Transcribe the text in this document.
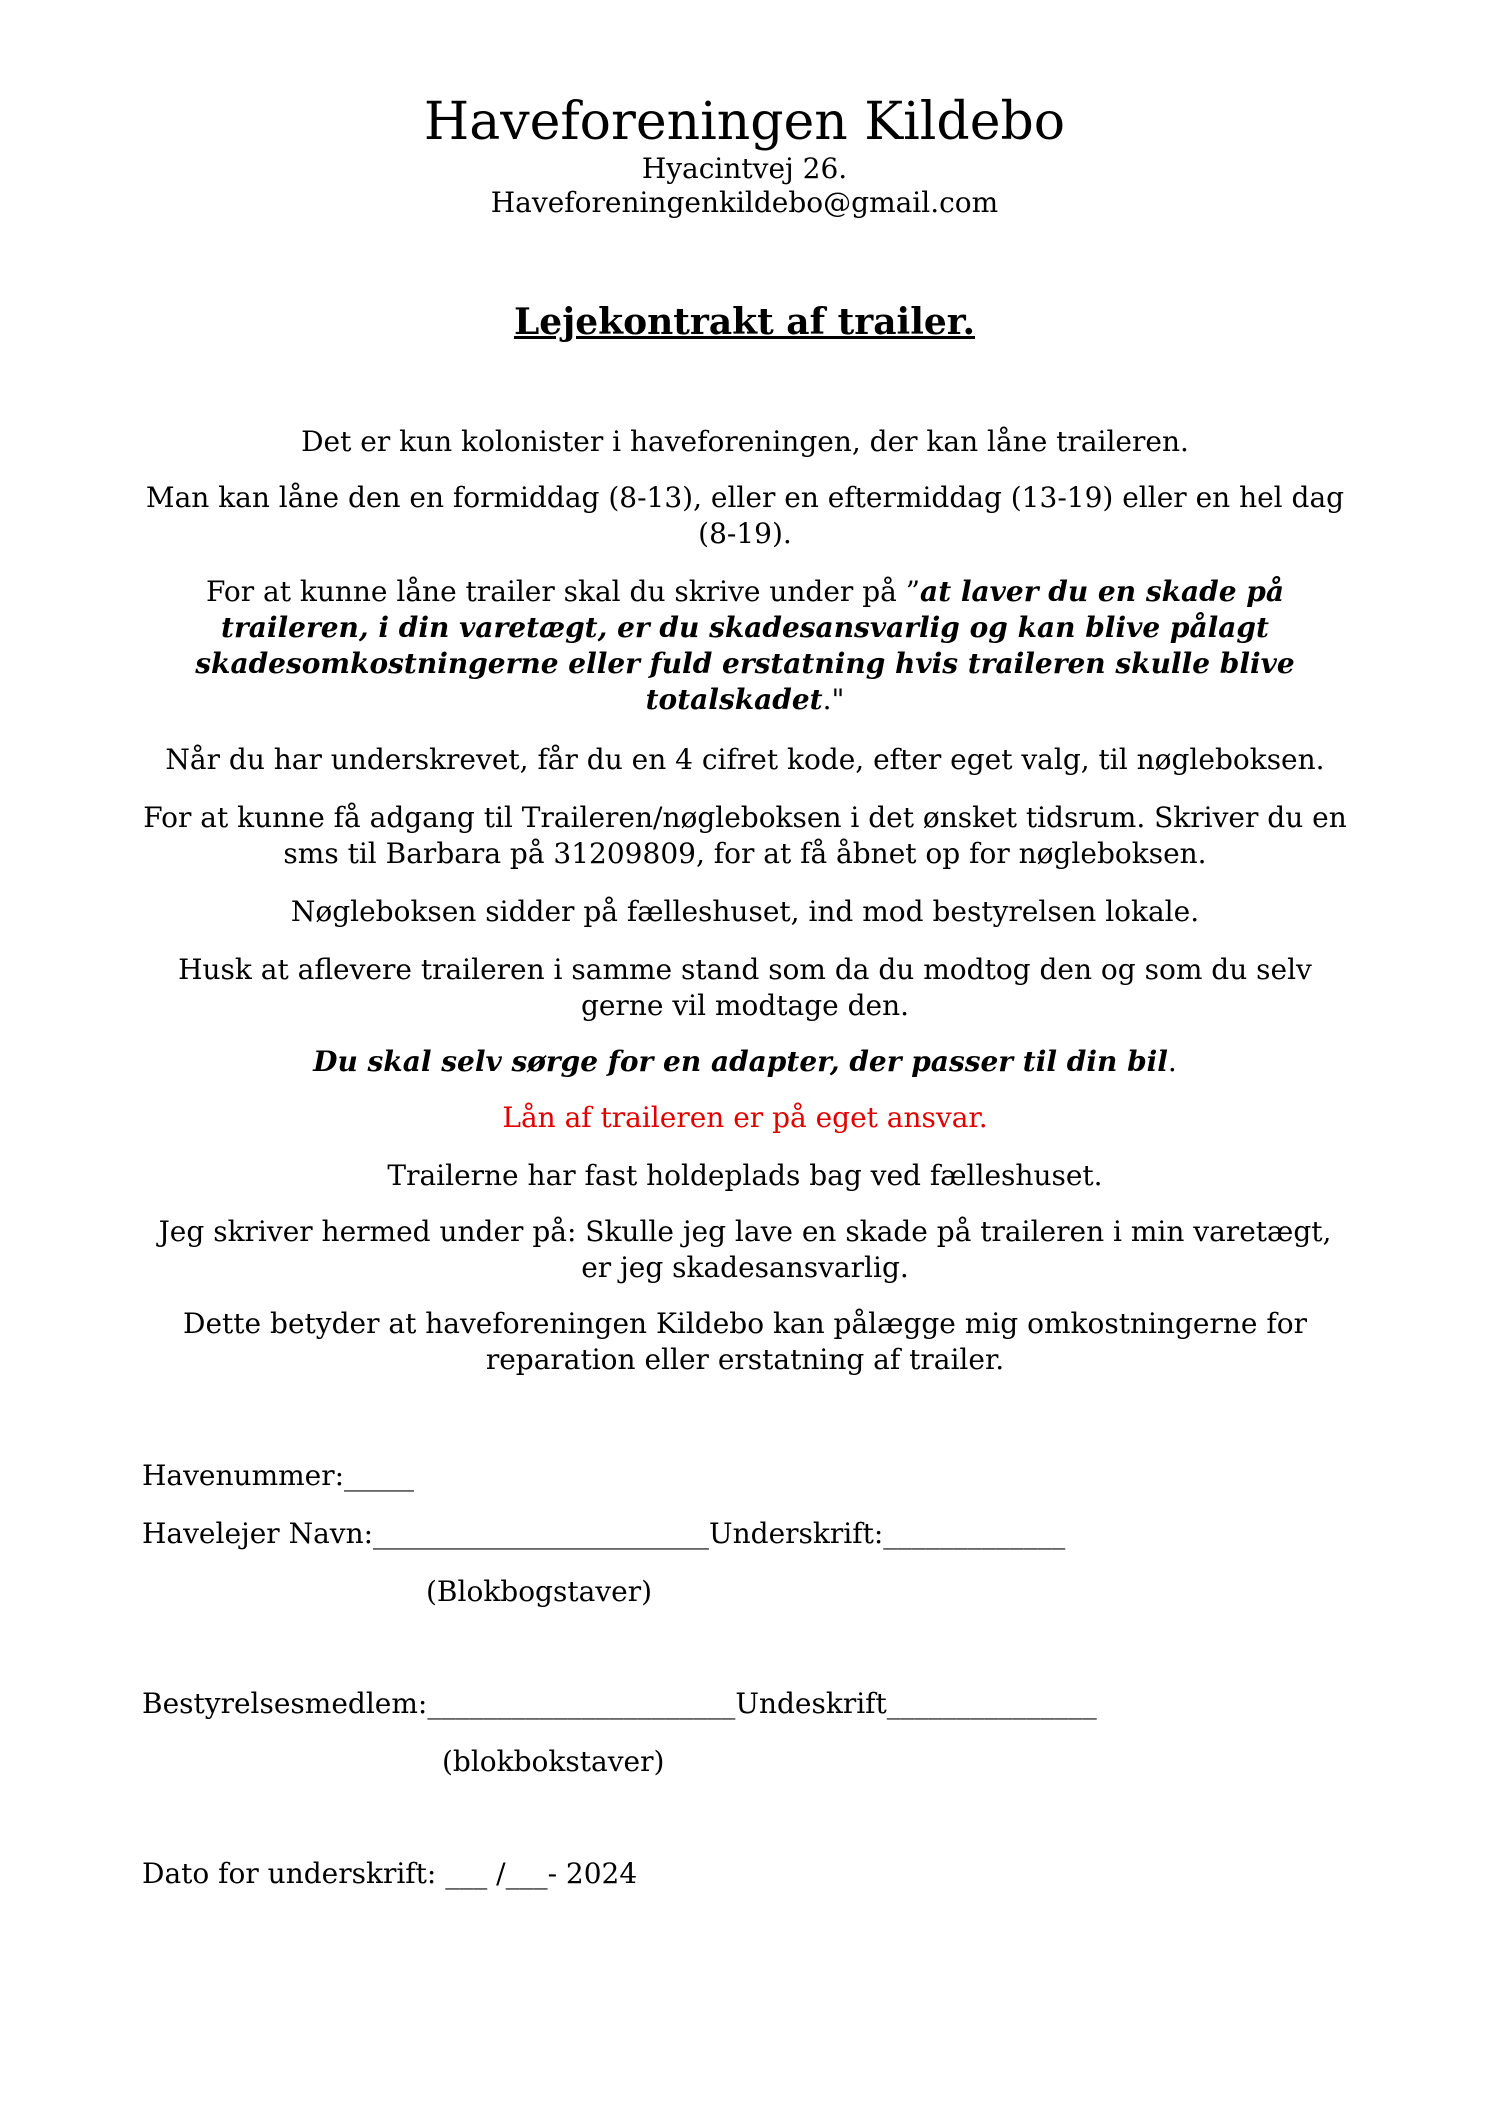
Haveforeningen Kildebo
Hyacintvej 26.
Haveforeningenkildebo@gmail.com
Lejekontrakt af trailer.
Det er kun kolonister i haveforeningen, der kan låne traileren.
Man kan låne den en formiddag (8-13), eller en eftermiddag (13-19) eller en hel dag (8-19).
For at kunne låne trailer skal du skrive under på ”at laver du en skade på traileren, i din varetægt, er du skadesansvarlig og kan blive pålagt skadesomkostningerne eller fuld erstatning hvis traileren skulle blive totalskadet."
Når du har underskrevet, får du en 4 cifret kode, efter eget valg, til nøgleboksen.
For at kunne få adgang til Traileren/nøgleboksen i det ønsket tidsrum. Skriver du en sms til Barbara på 31209809, for at få åbnet op for nøgleboksen.
Nøgleboksen sidder på fælleshuset, ind mod bestyrelsen lokale.
Husk at aflevere traileren i samme stand som da du modtog den og som du selv gerne vil modtage den.
Du skal selv sørge for en adapter, der passer til din bil.
Lån af traileren er på eget ansvar.
Trailerne har fast holdeplads bag ved fælleshuset.
Jeg skriver hermed under på: Skulle jeg lave en skade på traileren i min varetægt, er jeg skadesansvarlig.
Dette betyder at haveforeningen Kildebo kan pålægge mig omkostningerne for reparation eller erstatning af trailer.
Havenummer:_____
Havelejer Navn:________________________Underskrift:_____________
(Blokbogstaver)
Bestyrelsesmedlem:______________________Undeskrift_______________
(blokbokstaver)
Dato for underskrift: ___ /___- 2024
